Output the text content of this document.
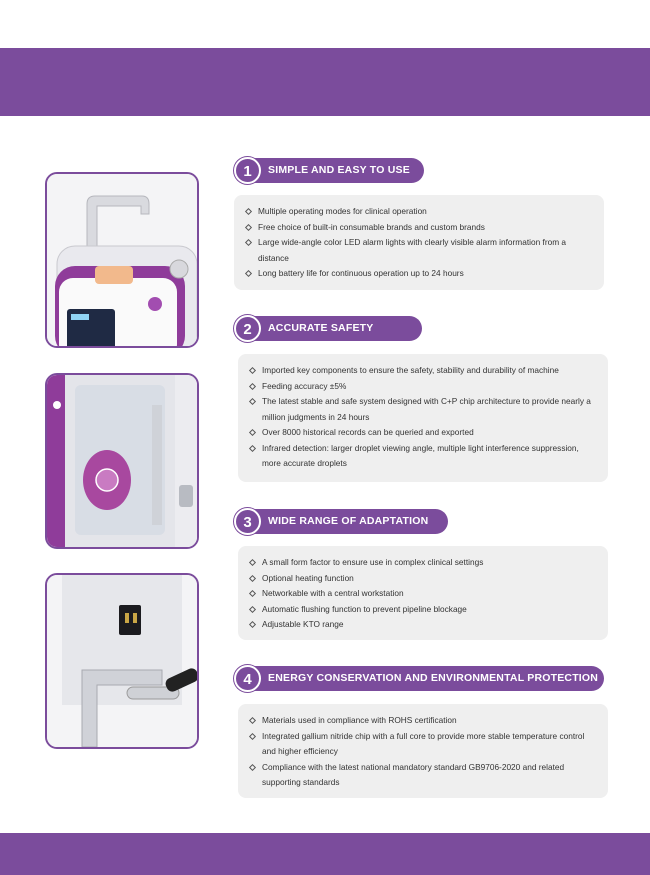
SIMPLE AND EASY TO USE
1
Multiple operating modes for clinical operation
Free choice of built-in consumable brands and custom brands
Large wide-angle color LED alarm lights with clearly visible alarm information from a distance
Long battery life for continuous operation up to 24 hours
ACCURATE SAFETY
2
Imported key components to ensure the safety, stability and durability of machine
Feeding accuracy ±5%
The latest stable and safe system designed with C+P chip architecture to provide nearly a million judgments in 24 hours
Over 8000 historical records can be queried and exported
Infrared detection: larger droplet viewing angle, multiple light interference suppression, more accurate droplets
WIDE RANGE OF ADAPTATION
3
A small form factor to ensure use in complex clinical settings
Optional heating function
Networkable with a central workstation
Automatic flushing function to prevent pipeline blockage
Adjustable KTO range
ENERGY CONSERVATION AND ENVIRONMENTAL PROTECTION
4
Materials used in compliance with ROHS certification
Integrated gallium nitride chip with a full core to provide more stable temperature control and higher efficiency
Compliance with the latest national mandatory standard GB9706-2020 and related supporting standards
